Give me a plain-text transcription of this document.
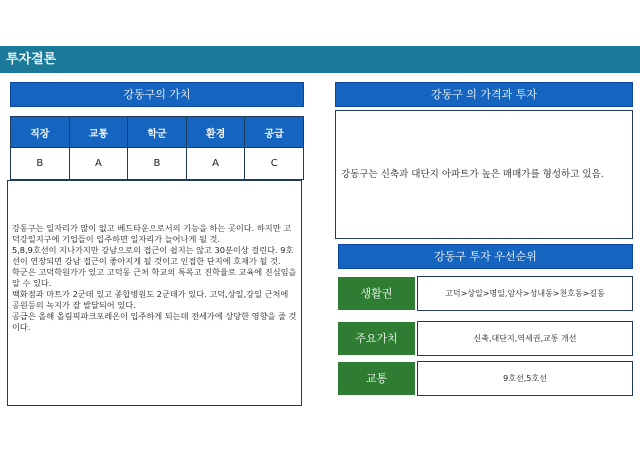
투자결론
강동구의 가치
직장	교통	학군	환경	공급
B	A	B	A	C

강동구는 일자리가 많이 없고 베드타운으로서의 기능을 하는 곳이다. 하지만 고덕강일지구에 기업들이 입주하면 일자리가 늘어나게 될 것.

5,8,9호선이 지나가지만 강남으로의 접근이 쉽지는 않고 30분이상 걸린다. 9호선이 연장되면 강남 접근이 좋아지게 될 것이고 인접한 단지에 호재가 될 것.

학군은 고덕학원가가 있고 고덕동 근처 학교의 특목고 진학율로 교육에 진심임을 알 수 있다.

백화점과 마트가 2군데 있고 종합병원도 2군데가 있다. 고덕,상일,강일 근처에 공원등의 녹지가 잘 발달되어 있다.

공급은 올해 올림픽파크포레온이 입주하게 되는데 전세가에 상당한 영향을 줄 것이다.

강동구 의 가격과 투자
강동구는 신축과 대단지 아파트가 높은 매매가를 형성하고 있음.
강동구 투자 우선순위
생활권	고덕>상일>명일,암사>성내동>천호동>길동
주요가치	신축,대단지,역세권,교통 개선
교통	9호선,5호선
